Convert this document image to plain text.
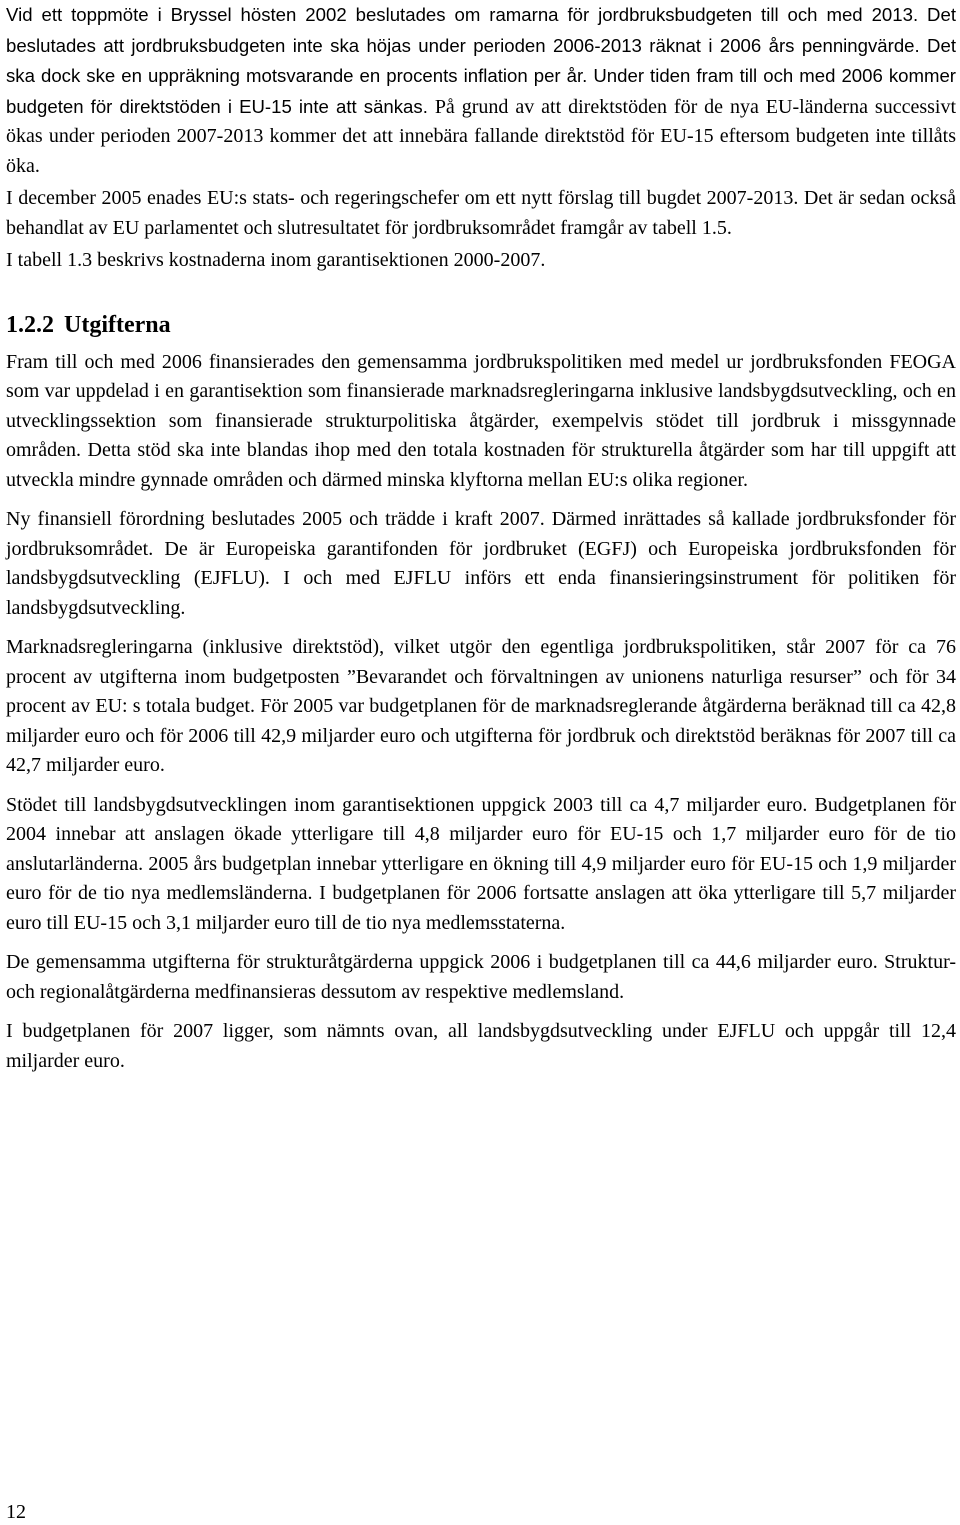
Vid ett toppmöte i Bryssel hösten 2002 beslutades om ramarna för jordbruksbudgeten till och med 2013. Det beslutades att jordbruksbudgeten inte ska höjas under perioden 2006-2013 räknat i 2006 års penningvärde. Det ska dock ske en uppräkning motsvarande en procents inflation per år. Under tiden fram till och med 2006 kommer budgeten för direktstöden i EU-15 inte att sänkas. På grund av att direktstöden för de nya EU-länderna successivt ökas under perioden 2007-2013 kommer det att innebära fallande direktstöd för EU-15 eftersom budgeten inte tillåts öka.

I december 2005 enades EU:s stats- och regeringschefer om ett nytt förslag till bugdet 2007-2013. Det är sedan också behandlat av EU parlamentet och slutresultatet för jordbruksområdet framgår av tabell 1.5.

I tabell 1.3 beskrivs kostnaderna inom garantisektionen 2000-2007.

1.2.2 Utgifterna

Fram till och med 2006 finansierades den gemensamma jordbrukspolitiken med medel ur jordbruksfonden FEOGA som var uppdelad i en garantisektion som finansierade marknadsregleringarna inklusive landsbygdsutveckling, och en utvecklingssektion som finansierade strukturpolitiska åtgärder, exempelvis stödet till jordbruk i missgynnade områden. Detta stöd ska inte blandas ihop med den totala kostnaden för strukturella åtgärder som har till uppgift att utveckla mindre gynnade områden och därmed minska klyftorna mellan EU:s olika regioner.

Ny finansiell förordning beslutades 2005 och trädde i kraft 2007. Därmed inrättades så kallade jordbruksfonder för jordbruksområdet. De är Europeiska garantifonden för jordbruket (EGFJ) och Europeiska jordbruksfonden för landsbygdsutveckling (EJFLU). I och med EJFLU införs ett enda finansieringsinstrument för politiken för landsbygdsutveckling.

Marknadsregleringarna (inklusive direktstöd), vilket utgör den egentliga jordbrukspolitiken, står 2007 för ca 76 procent av utgifterna inom budgetposten ”Bevarandet och förvaltningen av unionens naturliga resurser” och för 34 procent av EU: s totala budget. För 2005 var budgetplanen för de marknadsreglerande åtgärderna beräknad till ca 42,8 miljarder euro och för 2006 till 42,9 miljarder euro och utgifterna för jordbruk och direktstöd beräknas för 2007 till ca 42,7 miljarder euro.

Stödet till landsbygdsutvecklingen inom garantisektionen uppgick 2003 till ca 4,7 miljarder euro. Budgetplanen för 2004 innebar att anslagen ökade ytterligare till 4,8 miljarder euro för EU-15 och 1,7 miljarder euro för de tio anslutarländerna. 2005 års budgetplan innebar ytterligare en ökning till 4,9 miljarder euro för EU-15 och 1,9 miljarder euro för de tio nya medlemsländerna. I budgetplanen för 2006 fortsatte anslagen att öka ytterligare till 5,7 miljarder euro till EU-15 och 3,1 miljarder euro till de tio nya medlemsstaterna.

De gemensamma utgifterna för strukturåtgärderna uppgick 2006 i budgetplanen till ca 44,6 miljarder euro. Struktur- och regionalåtgärderna medfinansieras dessutom av respektive medlemsland.

I budgetplanen för 2007 ligger, som nämnts ovan, all landsbygdsutveckling under EJFLU och uppgår till 12,4 miljarder euro.

12
